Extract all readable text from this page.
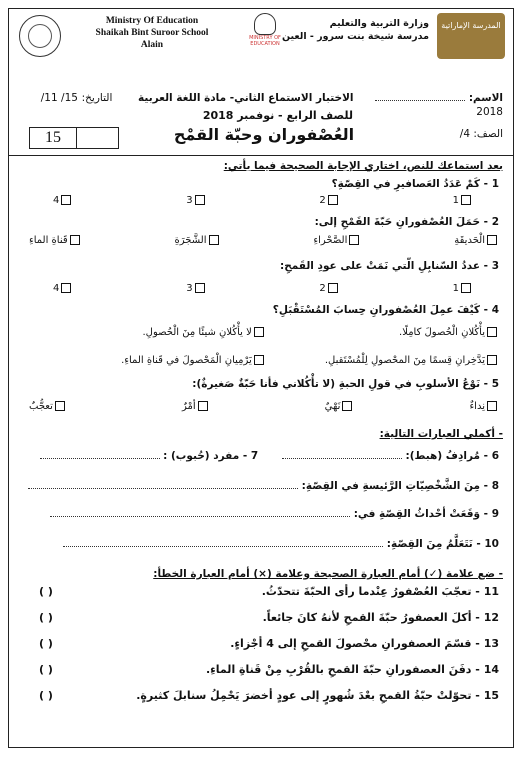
Ministry Of Education
Shaikah Bint Suroor School
Alain
MINISTRY OF EDUCATION
وزارة التربية والتعليم
مدرسة شيخة بنت سرور - العين
المدرسة الإماراتية
الاسم:  الاختبار الاستماع الثاني- مادة اللغة العربية التاريخ: 15/ 11/ 2018
للصف الرابع - نوفمبر 2018
الصف: 4/
العُصْفوران وحبّة القمْح
15
بعد استماعك للنص، اختاري الإجابة الصحيحة فيما يأتي:
1 - كَمْ عَدَدُ العَصافيرِ في القِصّةِ؟
1
2
3
4
2 - حَمَلَ العُصْفورانِ حَبّةَ القَمْحِ إلى:
الْحَديقَةِ
الصَّحْراءِ
الشَّجَرَةِ
قَناةِ الماءِ
3 - عددُ السّنابِلِ الّتي نَمَتْ على عودِ القَمحِ:
1
2
3
4
4 - كَيْفَ عمِلَ العُصْفورانِ حِسابَ المُسْتَقْبَلِ؟
يأْكُلانِ الْحُصولَ كامِلًا. لا يأْكُلانِ شيئًا مِنَ الْحُصولِ.
يَدَّخِرانِ قِسمًا مِنَ المحْصولِ لِلْمُسْتَقبلِ. يَرْمِيانِ الْمَحْصولَ في قَناةِ الماءِ.
5 - نَوْعُ الأسلوبِ في قولِ الحبةِ (لا تأْكُلاني فأنا حَبّةٌ صَغيرةٌ):
نِداءٌ
نَهْيٌ
أمْرٌ
تعجُّبٌ
- أكملي العبارات التالية:
6 - مُرادِفُ (هبط):  7 - مفرد (حُبوب) :
8 - مِنَ الشَّخْصِيّاتِ الرَّئيسةِ في القِصّةِ:
9 - وَقَعَتْ أحْداثُ القِصّةِ في:
10 - نَتَعَلَّمُ مِنَ القِصّةِ:
- ضع علامة (✓) أمام العبارة الصحيحة وعلامة (×) أمام العبارة الخطأ:
11 - تعجّبَ العُصْفورُ عِنْدما رأى الحبّةَ تتحدّثُ.
( )
12 - أكلَ العصفورُ حبّةَ القمحِ لأنهُ كانَ جائعاً.
( )
13 - قسّمَ العصفورانِ محْصولَ القمحِ إلى 4 أجْزاءٍ.
( )
14 - دفَنَ العصفورانِ حبّةَ القمحِ بالقُرْبِ مِنْ قَناةِ الماءِ.
( )
15 - تحوّلتْ حبّةُ القمحِ بعْدَ شُهورٍ إلى عودٍ أخضرَ يَحْمِلُ سنابلَ كثيرةٍ.
( )
